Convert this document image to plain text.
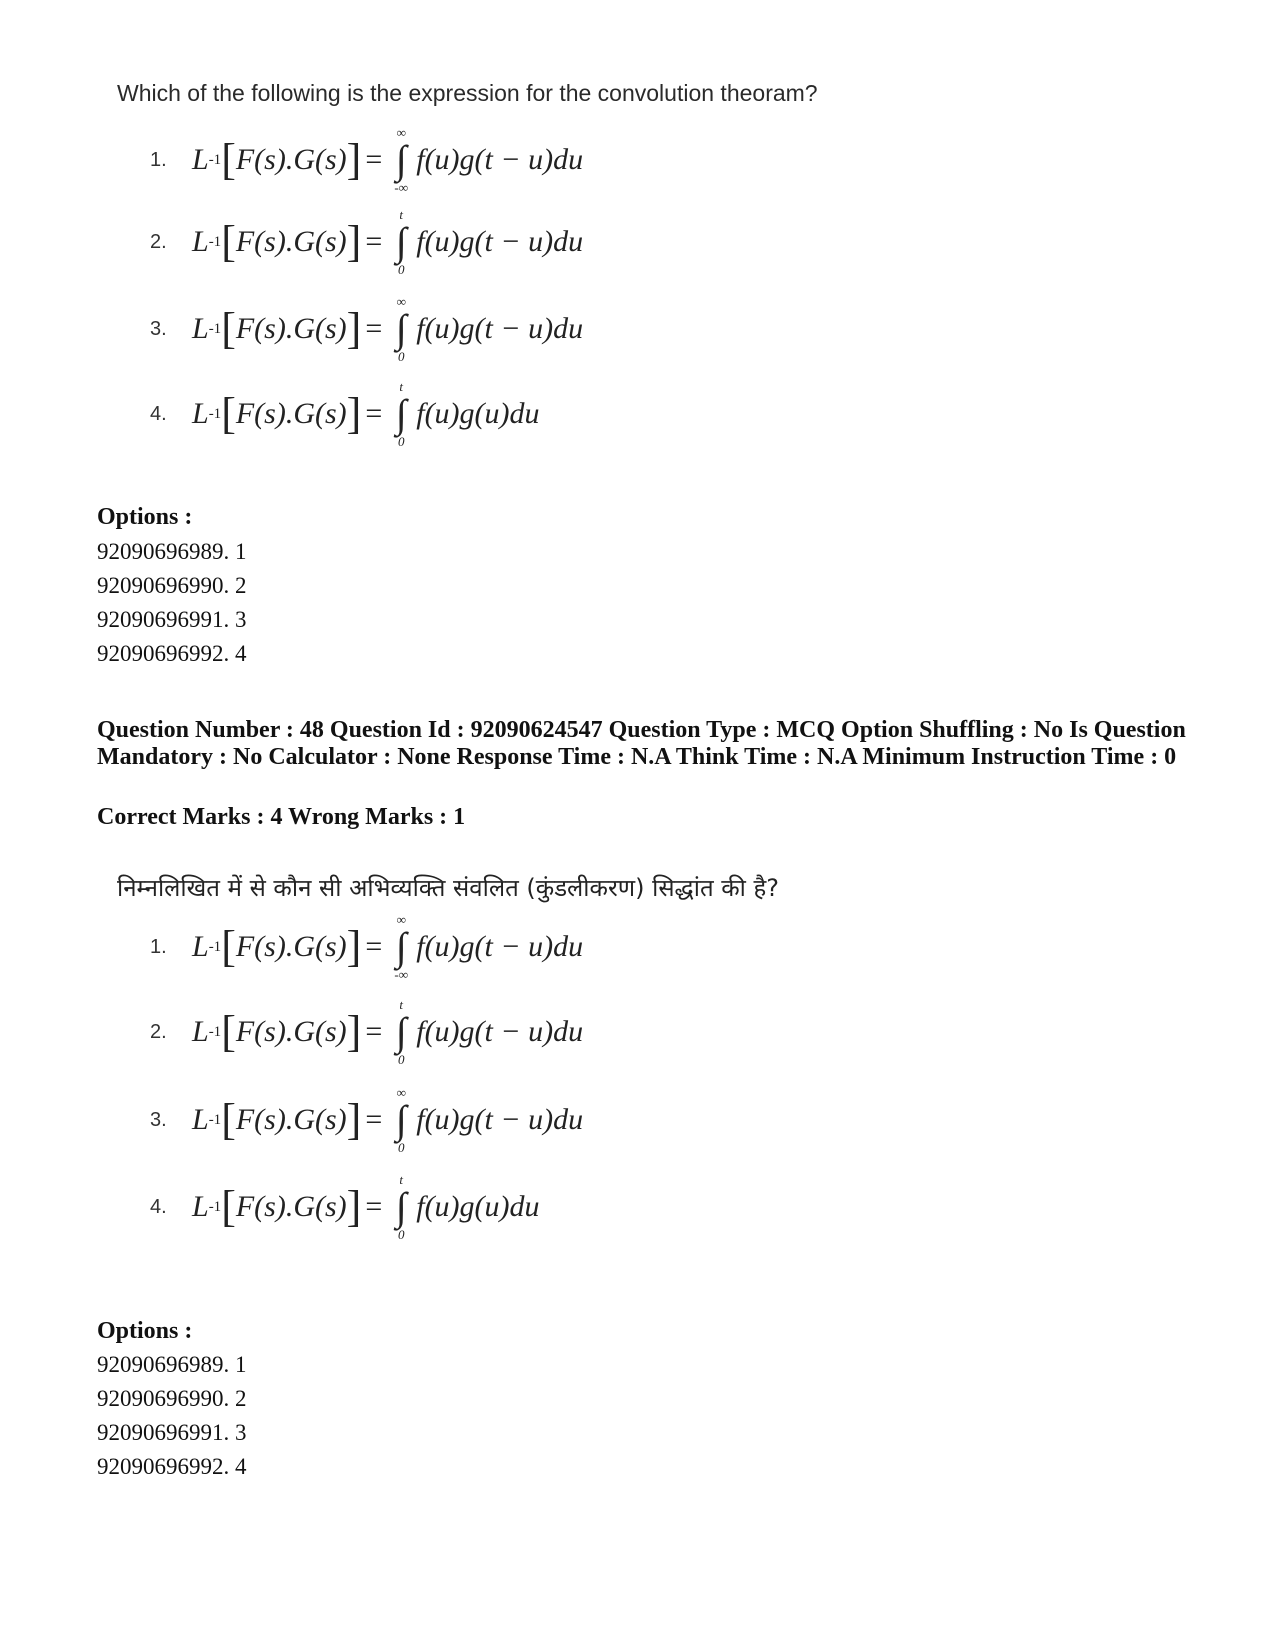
Which of the following is the expression for the convolution theoram?
1. L -1 [ F(s).G(s) ] =
∞
∫
-∞
f(u)g(t − u)du
2. L -1 [ F(s).G(s) ] =
t
∫
0
f(u)g(t − u)du
3. L -1 [ F(s).G(s) ] =
∞
∫
0
f(u)g(t − u)du
4. L -1 [ F(s).G(s) ] =
t
∫
0
f(u)g(u)du
Options :
92090696989. 1
92090696990. 2
92090696991. 3
92090696992. 4
Question Number : 48 Question Id : 92090624547 Question Type : MCQ Option Shuffling : No Is Question Mandatory : No Calculator : None Response Time : N.A Think Time : N.A Minimum Instruction Time : 0
Correct Marks : 4 Wrong Marks : 1
निम्नलिखित में से कौन सी अभिव्यक्ति संवलित (कुंडलीकरण) सिद्धांत की है?
1. L -1 [ F(s).G(s) ] =
∞
∫
-∞
f(u)g(t − u)du
2. L -1 [ F(s).G(s) ] =
t
∫
0
f(u)g(t − u)du
3. L -1 [ F(s).G(s) ] =
∞
∫
0
f(u)g(t − u)du
4. L -1 [ F(s).G(s) ] =
t
∫
0
f(u)g(u)du
Options :
92090696989. 1
92090696990. 2
92090696991. 3
92090696992. 4
